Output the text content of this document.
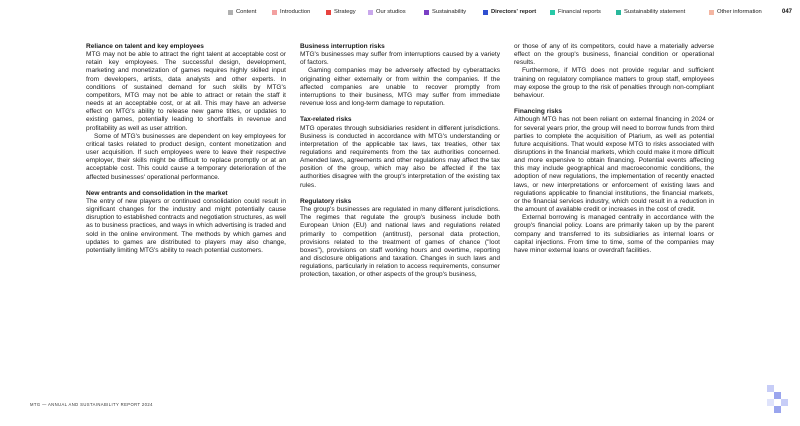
Content	Introduction	Strategy	Our studios	Sustainability	Directors' report	Financial reports	Sustainability statement	Other information	047
Reliance on talent and key employees

MTG may not be able to attract the right talent at acceptable cost or retain key employees. The successful design, development, marketing and monetization of games requires highly skilled input from developers, artists, data analysts and other experts. In conditions of sustained demand for such skills by MTG's competitors, MTG may not be able to attract or retain the staff it needs at an acceptable cost, or at all. This may have an adverse effect on MTG's ability to release new game titles, or updates to existing games, potentially leading to shortfalls in revenue and profitability as well as user attrition.

Some of MTG's businesses are dependent on key employees for critical tasks related to product design, content monetization and user acquisition. If such employees were to leave their respective employer, their skills might be difficult to replace promptly or at an acceptable cost. This could cause a temporary deterioration of the affected businesses' operational performance.

New entrants and consolidation in the market

The entry of new players or continued consolidation could result in significant changes for the industry and might potentially cause disruption to established contracts and negotiation structures, as well as to business practices, and ways in which advertising is traded and sold in the online environment. The methods by which games and updates to games are distributed to players may also change, potentially limiting MTG's ability to reach potential customers.

Business interruption risks

MTG's businesses may suffer from interruptions caused by a variety of factors.

Gaming companies may be adversely affected by cyberattacks originating either externally or from within the companies. If the affected companies are unable to recover promptly from interruptions to their business, MTG may suffer from immediate revenue loss and long-term damage to reputation.

Tax-related risks

MTG operates through subsidiaries resident in different jurisdictions. Business is conducted in accordance with MTG's understanding or interpretation of the applicable tax laws, tax treaties, other tax regulations and requirements from the tax authorities concerned. Amended laws, agreements and other regulations may affect the tax position of the group, which may also be affected if the tax authorities disagree with the group's interpretation of the existing tax rules.

Regulatory risks

The group's businesses are regulated in many different jurisdictions. The regimes that regulate the group's business include both European Union (EU) and national laws and regulations related primarily to competition (antitrust), personal data protection, provisions related to the treatment of games of chance ("loot boxes"), provisions on staff working hours and overtime, reporting and disclosure obligations and taxation. Changes in such laws and regulations, particularly in relation to access requirements, consumer protection, taxation, or other aspects of the group's business,

or those of any of its competitors, could have a materially adverse effect on the group's business, financial condition or operational results.

Furthermore, if MTG does not provide regular and sufficient training on regulatory compliance matters to group staff, employees may expose the group to the risk of penalties through non-compliant behaviour.

Financing risks

Although MTG has not been reliant on external financing in 2024 or for several years prior, the group will need to borrow funds from third parties to complete the acquisition of Plarium, as well as potential future acquisitions. That would expose MTG to risks associated with disruptions in the financial markets, which could make it more difficult and more expensive to obtain financing. Potential events affecting this may include geographical and macroeconomic conditions, the adoption of new regulations, the implementation of recently enacted laws, or new interpretations or enforcement of existing laws and regulations applicable to financial institutions, the financial markets, or the financial services industry, which could result in a reduction in the amount of available credit or increases in the cost of credit.

External borrowing is managed centrally in accordance with the group's financial policy. Loans are primarily taken up by the parent company and transferred to its subsidiaries as internal loans or capital injections. From time to time, some of the companies may have minor external loans or overdraft facilities.

MTG — ANNUAL AND SUSTAINABILITY REPORT 2024
